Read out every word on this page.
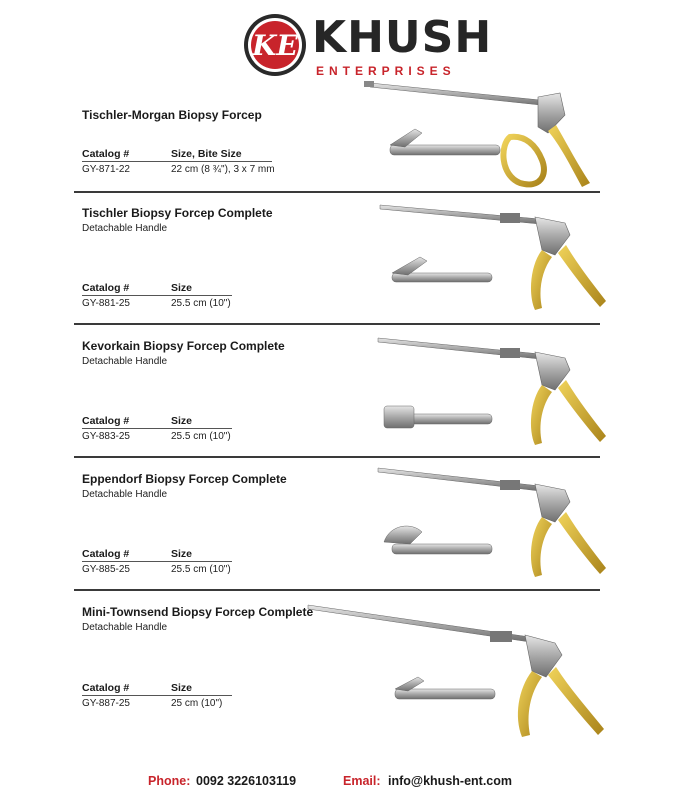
KE KHUSH
ENTERPRISES
Tischler-Morgan Biopsy Forcep
Catalog #	Size, Bite Size
GY-871-22	22 cm (8 ¾"), 3 x 7 mm
Tischler Biopsy Forcep Complete
Detachable Handle
Catalog #	Size
GY-881-25	25.5 cm (10")
Kevorkain Biopsy Forcep Complete
Detachable Handle
Catalog #	Size
GY-883-25	25.5 cm (10")
Eppendorf Biopsy Forcep Complete
Detachable Handle
Catalog #	Size
GY-885-25	25.5 cm (10")
Mini-Townsend Biopsy Forcep Complete
Detachable Handle
Catalog #	Size
GY-887-25	25 cm (10")
Phone: 0092 3226103119	Email: info@khush-ent.com
